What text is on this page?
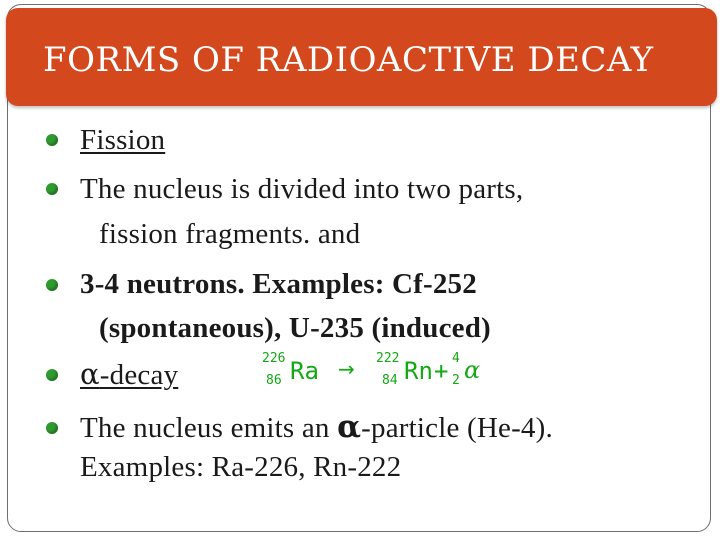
FORMS OF RADIOACTIVE DECAY

Fission

The nucleus is divided into two parts,

fission fragments. and

3-4 neutrons. Examples: Cf-252

(spontaneous), U-235 (induced)

α-decay

226
86 Ra → 222
84 Rn + 4
2 α

The nucleus emits an α-particle (He-4).

Examples: Ra-226, Rn-222
